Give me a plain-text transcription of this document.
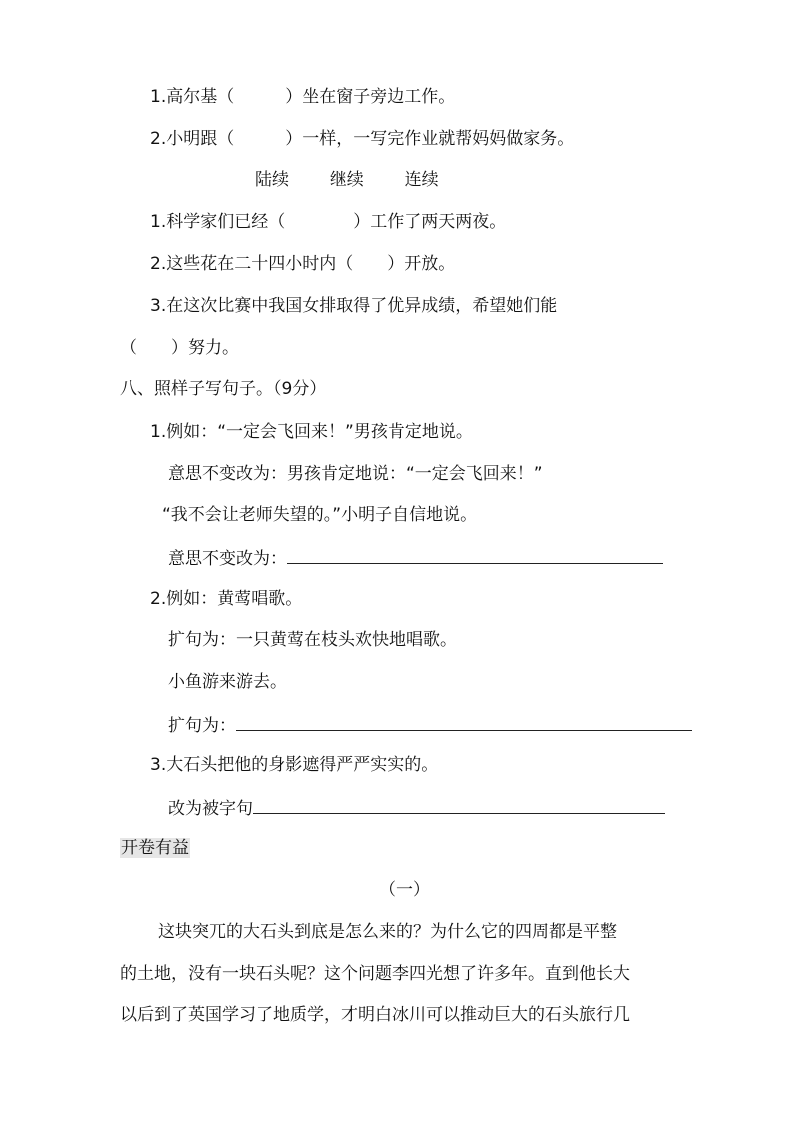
1.高尔基（　　　）坐在窗子旁边工作。
2.小明跟（　　　）一样，一写完作业就帮妈妈做家务。
陆续 继续 连续
1.科学家们已经（　　　　）工作了两天两夜。
2.这些花在二十四小时内（　　）开放。
3.在这次比赛中我国女排取得了优异成绩，希望她们能
（　　）努力。
八、照样子写句子。（9分）
1.例如：“一定会飞回来！”男孩肯定地说。
意思不变改为：男孩肯定地说：“一定会飞回来！”
“我不会让老师失望的。”小明子自信地说。
意思不变改为：
2.例如：黄莺唱歌。
扩句为：一只黄莺在枝头欢快地唱歌。
小鱼游来游去。
扩句为：
3.大石头把他的身影遮得严严实实的。
改为被字句
开卷有益
（一）
这块突兀的大石头到底是怎么来的？为什么它的四周都是平整
的土地，没有一块石头呢？这个问题李四光想了许多年。直到他长大
以后到了英国学习了地质学，才明白冰川可以推动巨大的石头旅行几
